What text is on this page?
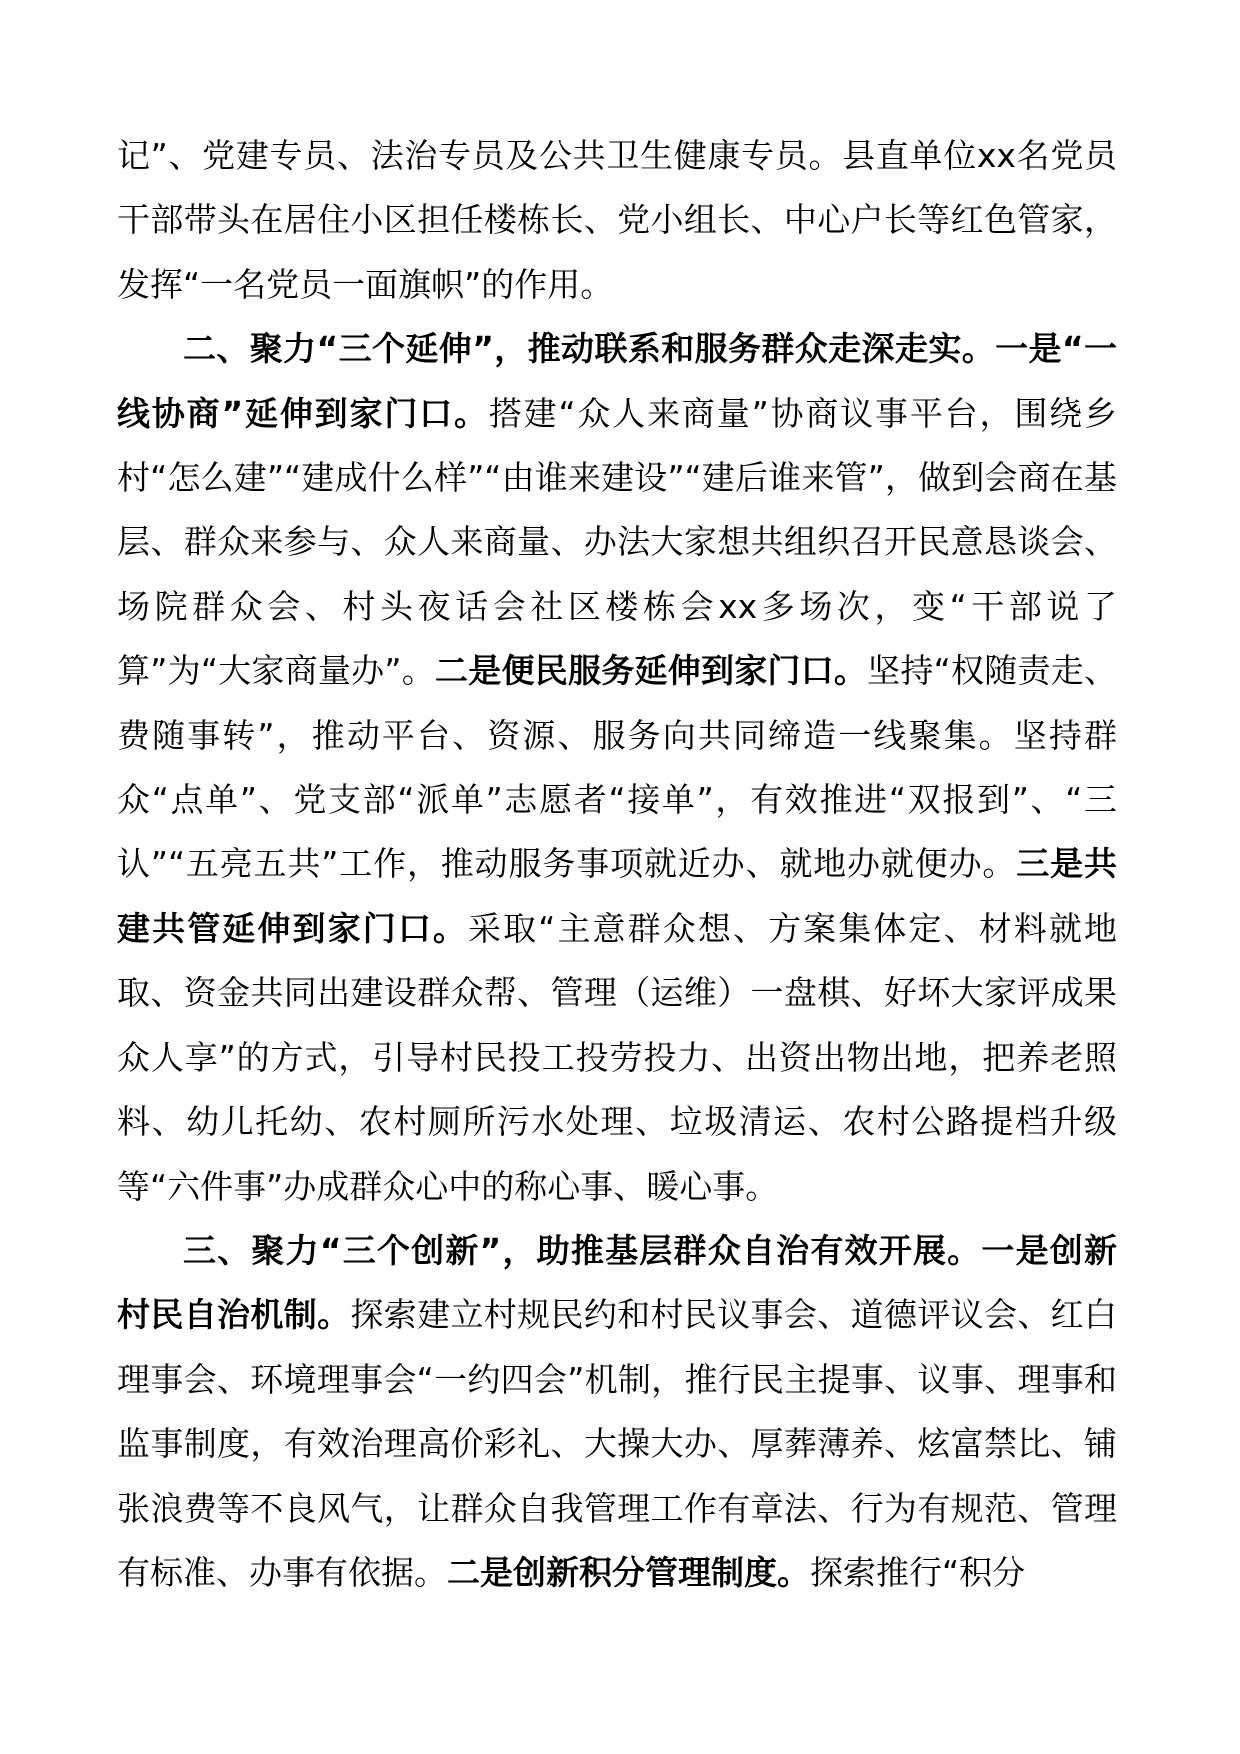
记”、党建专员、法治专员及公共卫生健康专员。县直单位xx名党员干部带头在居住小区担任楼栋长、党小组长、中心户长等红色管家，发挥“一名党员一面旗帜”的作用。

二、聚力“三个延伸”，推动联系和服务群众走深走实。一是“一线协商”延伸到家门口。搭建“众人来商量”协商议事平台，围绕乡村“怎么建”“建成什么样”“由谁来建设”“建后谁来管”，做到会商在基层、群众来参与、众人来商量、办法大家想共组织召开民意恳谈会、场院群众会、村头夜话会社区楼栋会xx多场次，变“干部说了算”为“大家商量办”。二是便民服务延伸到家门口。坚持“权随责走、费随事转”，推动平台、资源、服务向共同缔造一线聚集。坚持群众“点单”、党支部“派单”志愿者“接单”，有效推进“双报到”、“三认”“五亮五共”工作，推动服务事项就近办、就地办就便办。三是共建共管延伸到家门口。采取“主意群众想、方案集体定、材料就地取、资金共同出建设群众帮、管理（运维）一盘棋、好坏大家评成果众人享”的方式，引导村民投工投劳投力、出资出物出地，把养老照料、幼儿托幼、农村厕所污水处理、垃圾清运、农村公路提档升级等“六件事”办成群众心中的称心事、暖心事。

三、聚力“三个创新”，助推基层群众自治有效开展。一是创新村民自治机制。探索建立村规民约和村民议事会、道德评议会、红白理事会、环境理事会“一约四会”机制，推行民主提事、议事、理事和监事制度，有效治理高价彩礼、大操大办、厚葬薄养、炫富禁比、铺张浪费等不良风气，让群众自我管理工作有章法、行为有规范、管理有标准、办事有依据。二是创新积分管理制度。探索推行“积分
